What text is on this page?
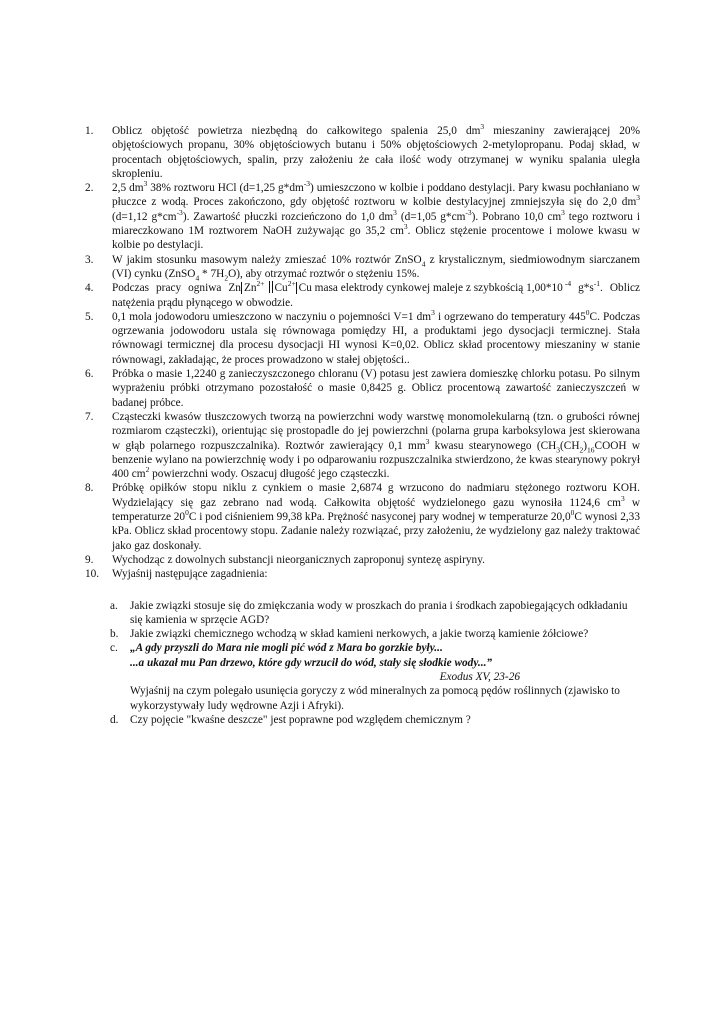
1.	Oblicz objętość powietrza niezbędną do całkowitego spalenia 25,0 $dm^3$ mieszaniny zawierającej 20% objętościowych propanu, 30% objętościowych butanu i 50% objętościowych 2-metylopropanu. Podaj skład, w procentach objętościowych, spalin, przy założeniu że cała ilość wody otrzymanej w wyniku spalania uległa skropleniu.
2.	2,5 $dm^3$ 38% roztworu HCl (d=1,25 $g*dm^{-3}$) umieszczono w kolbie i poddano destylacji. Pary kwasu pochłaniano w płuczce z wodą. Proces zakończono, gdy objętość roztworu w kolbie destylacyjnej zmniejszyła się do 2,0 $dm^3$ (d=1,12 $g*cm^{-3}$). Zawartość płuczki rozcieńczono do 1,0 $dm^3$ (d=1,05 $g*cm^{-3}$). Pobrano 10,0 $cm^3$ tego roztworu i miareczkowano 1M roztworem NaOH zużywając go 35,2 $cm^3$. Oblicz stężenie procentowe i molowe kwasu w kolbie po destylacji.
3.	W jakim stosunku masowym należy zmieszać 10% roztwór ZnSO$_4$ z krystalicznym, siedmiowodnym siarczanem (VI) cynku (ZnSO$_4$ * $7H_2O$), aby otrzymać roztwór o stężeniu 15%.
4.	Podczas pracy ogniwa Zn $Zn^{2+}$ $Cu^{2+}$ Cu masa elektrody cynkowej maleje z szybkością 1,00*10 $^{-4}$ $g*s^{-1}$. Oblicz natężenia prądu płynącego w obwodzie.
5.	0,1 mola jodowodoru umieszczono w naczyniu o pojemności V=1 $dm^3$ i ogrzewano do temperatury $445^0C$. Podczas ogrzewania jodowodoru ustala się równowaga pomiędzy HI, a produktami jego dysocjacji termicznej. Stała równowagi termicznej dla procesu dysocjacji HI wynosi K=0,02. Oblicz skład procentowy mieszaniny w stanie równowagi, zakładając, że proces prowadzono w stałej objętości..
6.	Próbka o masie 1,2240 g zanieczyszczonego chloranu (V) potasu jest zawiera domieszkę chlorku potasu. Po silnym wyprażeniu próbki otrzymano pozostałość o masie 0,8425 g. Oblicz procentową zawartość zanieczyszczeń w badanej próbce.
7.	Cząsteczki kwasów tłuszczowych tworzą na powierzchni wody warstwę monomolekularną (tzn. o grubości równej rozmiarom cząsteczki), orientując się prostopadle do jej powierzchni (polarna grupa karboksylowa jest skierowana w głąb polarnego rozpuszczalnika). Roztwór zawierający 0,1 $mm^3$ kwasu stearynowego ($CH_3(CH_2)_{16}COOH$ w benzenie wylano na powierzchnię wody i po odparowaniu rozpuszczalnika stwierdzono, że kwas stearynowy pokrył 400 $cm^2$ powierzchni wody. Oszacuj długość jego cząsteczki.
8.	Próbkę opiłków stopu niklu z cynkiem o masie 2,6874 g wrzucono do nadmiaru stężonego roztworu KOH. Wydzielający się gaz zebrano nad wodą. Całkowita objętość wydzielonego gazu wynosiła 1124,6 $cm^3$ w temperaturze $20^0C$ i pod ciśnieniem 99,38 kPa. Prężność nasyconej pary wodnej w temperaturze 20,0$^0$C wynosi 2,33 kPa. Oblicz skład procentowy stopu. Zadanie należy rozwiązać, przy założeniu, że wydzielony gaz należy traktować jako gaz doskonały.
9.	Wychodząc z dowolnych substancji nieorganicznych zaproponuj syntezę aspiryny.
10.	Wyjaśnij następujące zagadnienia:
a. Jakie związki stosuje się do zmiękczania wody w proszkach do prania i środkach zapobiegających odkładaniu się kamienia w sprzęcie AGD?
b. Jakie związki chemicznego wchodzą w skład kamieni nerkowych, a jakie tworzą kamienie żółciowe?
c. „A gdy przyszli do Mara nie mogli pić wód z Mara bo gorzkie były...
...a ukazał mu Pan drzewo, które gdy wrzucił do wód, stały się słodkie wody...”
Exodus XV, 23-26
Wyjaśnij na czym polegało usunięcia goryczy z wód mineralnych za pomocą pędów roślinnych (zjawisko to wykorzystywały ludy wędrowne Azji i Afryki).
d. Czy pojęcie "kwaśne deszcze" jest poprawne pod względem chemicznym ?
